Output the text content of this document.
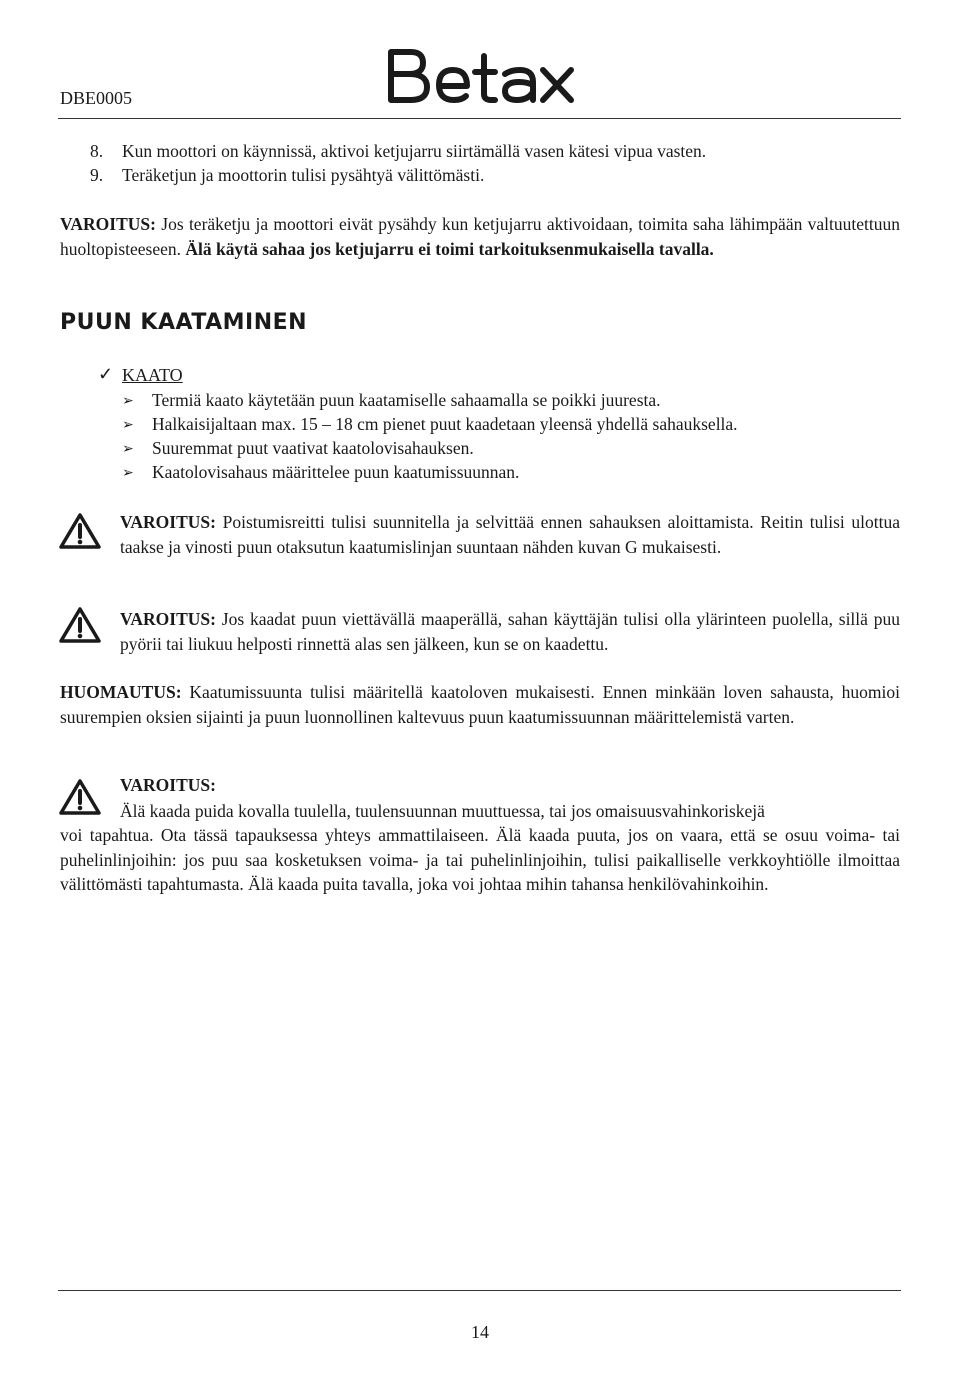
DBE0005
8. Kun moottori on käynnissä, aktivoi ketjujarru siirtämällä vasen kätesi vipua vasten.
9. Teräketjun ja moottorin tulisi pysähtyä välittömästi.
VAROITUS: Jos teräketju ja moottori eivät pysähdy kun ketjujarru aktivoidaan, toimita saha lähimpään valtuutettuun huoltopisteeseen. Älä käytä sahaa jos ketjujarru ei toimi tarkoituksenmukaisella tavalla.
PUUN KAATAMINEN
✓ KAATO
➢ Termiä kaato käytetään puun kaatamiselle sahaamalla se poikki juuresta.
➢ Halkaisijaltaan max. 15 – 18 cm pienet puut kaadetaan yleensä yhdellä sahauksella.
➢ Suuremmat puut vaativat kaatolovisahauksen.
➢ Kaatolovisahaus määrittelee puun kaatumissuunnan.
VAROITUS: Poistumisreitti tulisi suunnitella ja selvittää ennen sahauksen aloittamista. Reitin tulisi ulottua taakse ja vinosti puun otaksutun kaatumislinjan suuntaan nähden kuvan G mukaisesti.
VAROITUS: Jos kaadat puun viettävällä maaperällä, sahan käyttäjän tulisi olla ylärinteen puolella, sillä puu pyörii tai liukuu helposti rinnettä alas sen jälkeen, kun se on kaadettu.
HUOMAUTUS: Kaatumissuunta tulisi määritellä kaatoloven mukaisesti. Ennen minkään loven sahausta, huomioi suurempien oksien sijainti ja puun luonnollinen kaltevuus puun kaatumissuunnan määrittelemistä varten.
VAROITUS:
Älä kaada puida kovalla tuulella, tuulensuunnan muuttuessa, tai jos omaisuusvahinkoriskejä
voi tapahtua. Ota tässä tapauksessa yhteys ammattilaiseen. Älä kaada puuta, jos on vaara, että se osuu voima- tai puhelinlinjoihin: jos puu saa kosketuksen voima- ja tai puhelinlinjoihin, tulisi paikalliselle verkkoyhtiölle ilmoittaa välittömästi tapahtumasta. Älä kaada puita tavalla, joka voi johtaa mihin tahansa henkilövahinkoihin.
14
